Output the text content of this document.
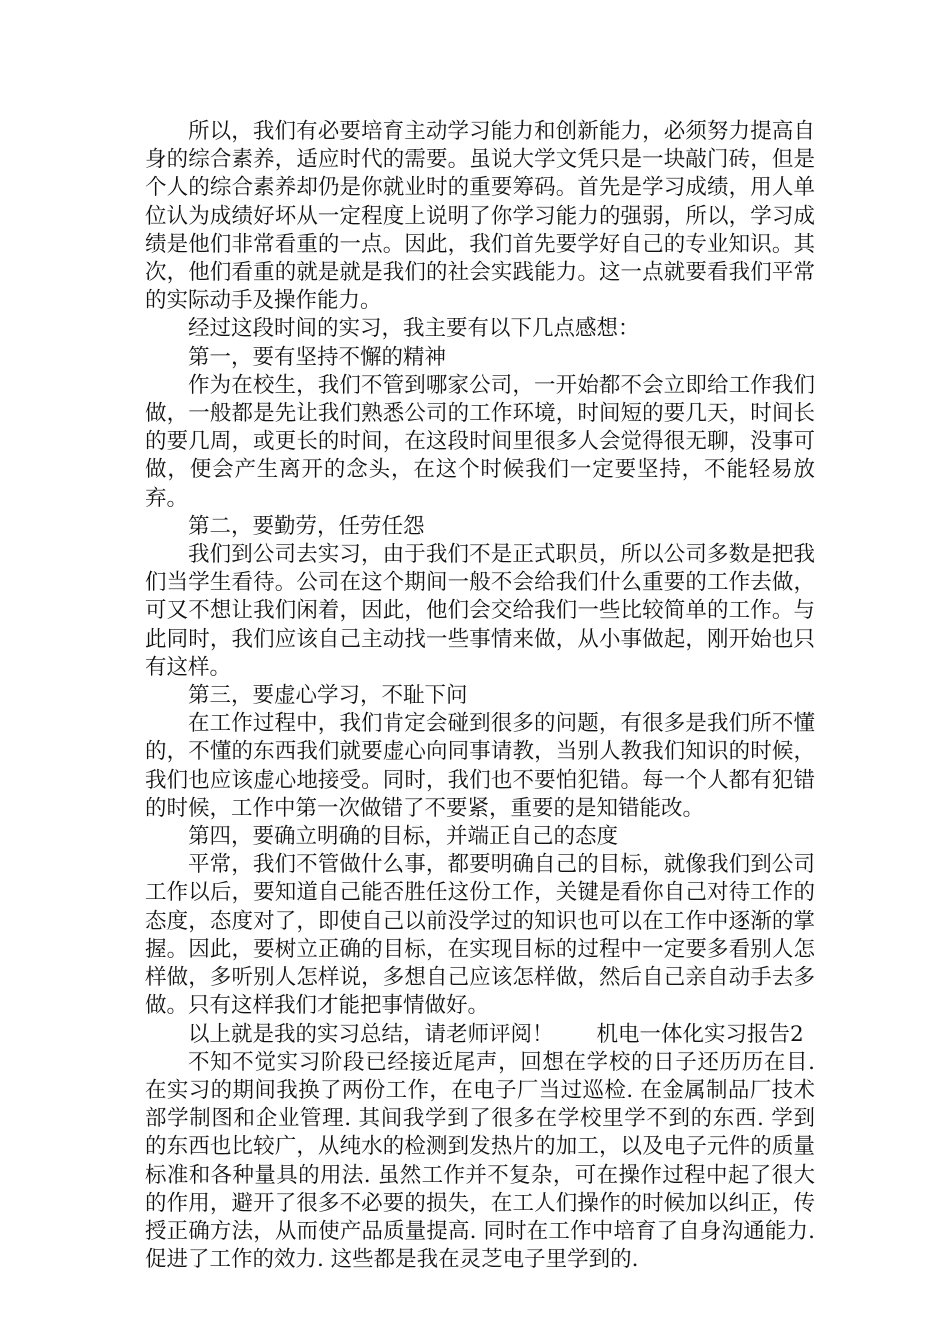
所以，我们有必要培育主动学习能力和创新能力，必须努力提高自身的综合素养，适应时代的需要。虽说大学文凭只是一块敲门砖，但是个人的综合素养却仍是你就业时的重要筹码。首先是学习成绩，用人单位认为成绩好坏从一定程度上说明了你学习能力的强弱，所以，学习成绩是他们非常看重的一点。因此，我们首先要学好自己的专业知识。其次，他们看重的就是就是我们的社会实践能力。这一点就要看我们平常的实际动手及操作能力。

经过这段时间的实习，我主要有以下几点感想：

第一，要有坚持不懈的精神

作为在校生，我们不管到哪家公司，一开始都不会立即给工作我们做，一般都是先让我们熟悉公司的工作环境，时间短的要几天，时间长的要几周，或更长的时间，在这段时间里很多人会觉得很无聊，没事可做，便会产生离开的念头，在这个时候我们一定要坚持，不能轻易放弃。

第二，要勤劳，任劳任怨

我们到公司去实习，由于我们不是正式职员，所以公司多数是把我们当学生看待。公司在这个期间一般不会给我们什么重要的工作去做，可又不想让我们闲着，因此，他们会交给我们一些比较简单的工作。与此同时，我们应该自己主动找一些事情来做，从小事做起，刚开始也只有这样。

第三，要虚心学习，不耻下问

在工作过程中，我们肯定会碰到很多的问题，有很多是我们所不懂的，不懂的东西我们就要虚心向同事请教，当别人教我们知识的时候，我们也应该虚心地接受。同时，我们也不要怕犯错。每一个人都有犯错的时候，工作中第一次做错了不要紧，重要的是知错能改。

第四，要确立明确的目标，并端正自己的态度

平常，我们不管做什么事，都要明确自己的目标，就像我们到公司工作以后，要知道自己能否胜任这份工作，关键是看你自己对待工作的态度，态度对了，即使自己以前没学过的知识也可以在工作中逐渐的掌握。因此，要树立正确的目标，在实现目标的过程中一定要多看别人怎样做，多听别人怎样说，多想自己应该怎样做，然后自己亲自动手去多做。只有这样我们才能把事情做好。

以上就是我的实习总结，请老师评阅！　　机电一体化实习报告2

不知不觉实习阶段已经接近尾声，回想在学校的日子还历历在目. 在实习的期间我换了两份工作，在电子厂当过巡检. 在金属制品厂技术部学制图和企业管理. 其间我学到了很多在学校里学不到的东西. 学到的东西也比较广，从纯水的检测到发热片的加工，以及电子元件的质量标准和各种量具的用法. 虽然工作并不复杂，可在操作过程中起了很大的作用，避开了很多不必要的损失，在工人们操作的时候加以纠正，传授正确方法，从而使产品质量提高. 同时在工作中培育了自身沟通能力. 促进了工作的效力. 这些都是我在灵芝电子里学到的.
